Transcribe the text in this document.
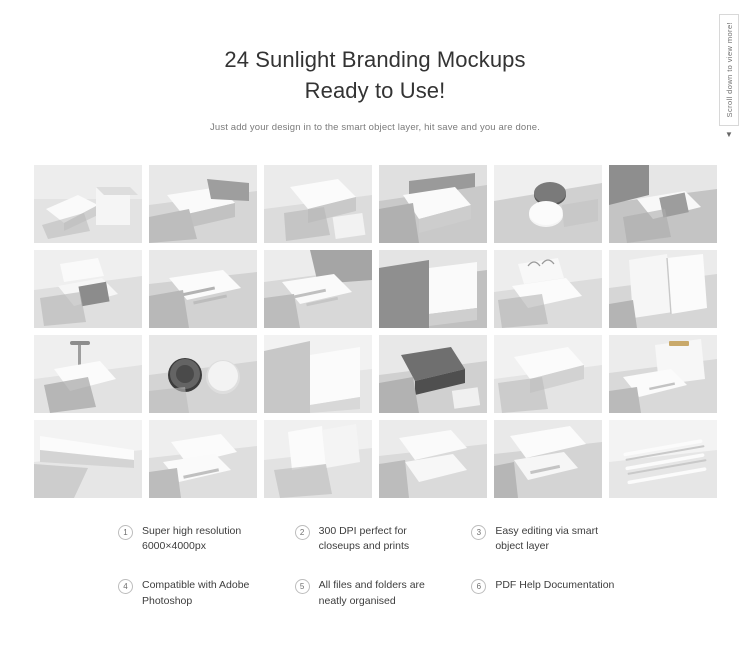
Scroll down to view more!
▼
24 Sunlight Branding Mockups
Ready to Use!

Just add your design in to the smart object layer, hit save and you are done.

1	Super high resolution 6000×4000px
2	300 DPI perfect for closeups and prints
3	Easy editing via smart object layer
4	Compatible with Adobe Photoshop
5	All files and folders are neatly organised
6	PDF Help Documentation
